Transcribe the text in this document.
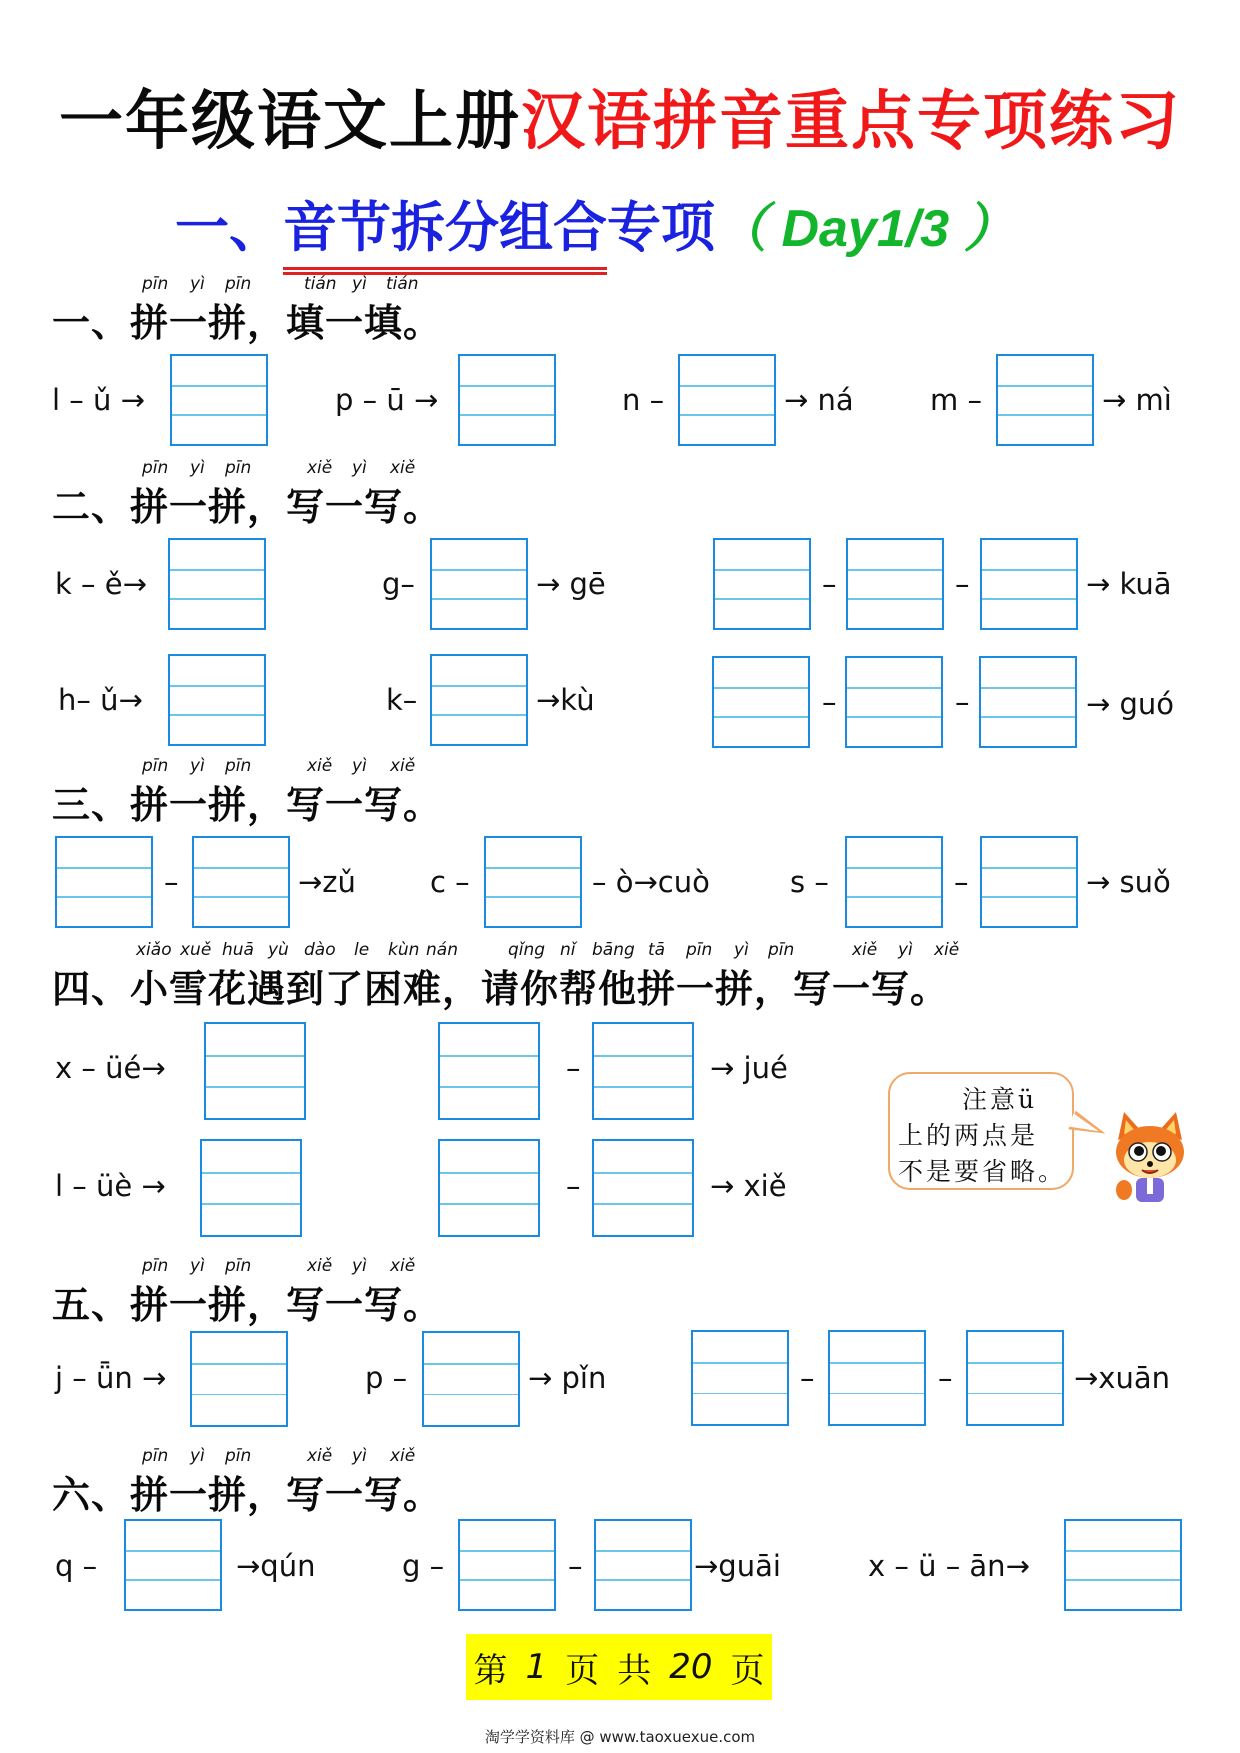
一年级语文上册汉语拼音重点专项练习
一、音节拆分组合专项（ Day1/3 ）
pīn yì pīn	tián yì tián
一、拼一拼，填一填。
l – ǔ →	p – ū →	n –	→ ná	m –	→ mì
pīn yì pīn	xiě yì xiě
二、拼一拼，写一写。
k – ě→	g–	→ gē	–	–	→ kuā
h– ǔ→	k–	→kù	–	–	→ guó
pīn yì pīn	xiě yì xiě
三、拼一拼，写一写。
–	→zǔ	c –	– ò→cuò	s –	–	→ suǒ
xiǎo xuě huā yù dào le kùn nán	qǐng nǐ bāng tā pīn yì pīn	xiě yì xiě
四、小雪花遇到了困难，请你帮他拼一拼，写一写。
x – üé→	–	→ jué
l – üè →	–	→ xiě
注意ü
上的两点是
不是要省略。
pīn yì pīn	xiě yì xiě
五、拼一拼，写一写。
j – ǖn →	p –	→ pǐn	–	–	→xuān
pīn yì pīn	xiě yì xiě
六、拼一拼，写一写。
q –	→qún	g –	–	→guāi	x – ü – ān→
第 1 页 共 20 页
淘学学资料库 @ www.taoxuexue.com
